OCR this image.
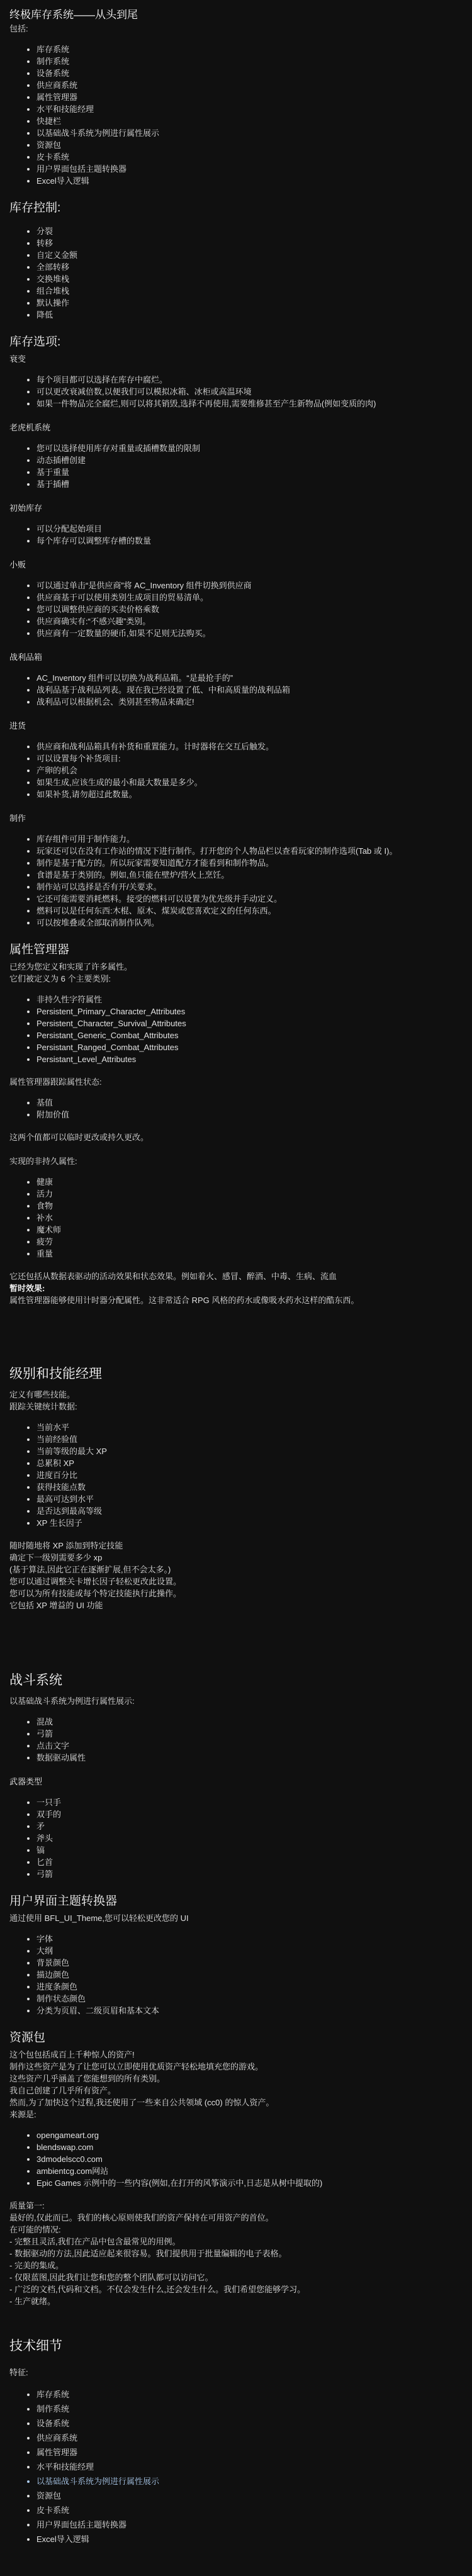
终极库存系统——从头到尾
包括:
• 库存系统
• 制作系统
• 设备系统
• 供应商系统
• 属性管理器
• 水平和技能经理
• 快捷栏
• 以基础战斗系统为例进行属性展示
• 资源包
• 皮卡系统
• 用户界面包括主题转换器
• Excel导入逻辑
库存控制:
• 分裂
• 转移
• 自定义金额
• 全部转移
• 交换堆栈
• 组合堆栈
• 默认操作
• 降低
库存选项:
衰变
• 每个项目都可以选择在库存中腐烂。
• 可以更改衰减倍数,以便我们可以模拟冰箱、冰柜或高温环境
• 如果一件物品完全腐烂,则可以将其销毁,选择不再使用,需要维修甚至产生新物品(例如变质的肉)
老虎机系统
• 您可以选择使用库存对重量或插槽数量的限制
• 动态插槽创建
• 基于重量
• 基于插槽
初始库存
• 可以分配起始项目
• 每个库存可以调整库存槽的数量
小贩
• 可以通过单击“是供应商”将 AC_Inventory 组件切换到供应商
• 供应商基于可以使用类别生成项目的贸易清单。
• 您可以调整供应商的买卖价格乘数
• 供应商确实有:“不感兴趣”类别。
• 供应商有一定数量的硬币,如果不足则无法购买。
战利品箱
• AC_Inventory 组件可以切换为战利品箱。“是最抢手的”
• 战利品基于战利品列表。现在我已经设置了低、中和高质量的战利品箱
• 战利品可以根据机会、类别甚至物品来确定!
进货
• 供应商和战利品箱具有补货和重置能力。计时器将在交互后触发。
• 可以设置每个补货项目:
• 产卵的机会
• 如果生成,应该生成的最小和最大数量是多少。
• 如果补货,请勿超过此数量。
制作
• 库存组件可用于制作能力。
• 玩家还可以在没有工作站的情况下进行制作。打开您的个人物品栏以查看玩家的制作选项(Tab 或 I)。
• 制作是基于配方的。所以玩家需要知道配方才能看到和制作物品。
• 食谱是基于类别的。例如,鱼只能在壁炉/营火上烹饪。
• 制作站可以选择是否有开/关要求。
• 它还可能需要消耗燃料。接受的燃料可以设置为优先级并手动定义。
• 燃料可以是任何东西:木棍、原木、煤炭或您喜欢定义的任何东西。
• 可以按堆叠或全部取消制作队列。
属性管理器
已经为您定义和实现了许多属性。
它们被定义为 6 个主要类别:
• 非持久性字符属性
• Persistent_Primary_Character_Attributes
• Persistent_Character_Survival_Attributes
• Persistant_Generic_Combat_Attributes
• Persistant_Ranged_Combat_Attributes
• Persistant_Level_Attributes
属性管理器跟踪属性状态:
• 基值
• 附加价值
这两个值都可以临时更改或持久更改。
实现的非持久属性:
• 健康
• 活力
• 食物
• 补水
• 魔术师
• 疲劳
• 重量
它还包括从数据表驱动的活动效果和状态效果。例如着火、感冒、醉酒、中毒、生病、流血
暂时效果:
属性管理器能够使用计时器分配属性。这非常适合 RPG 风格的药水或像吸水药水这样的酷东西。
级别和技能经理
定义有哪些技能。
跟踪关键统计数据:
• 当前水平
• 当前经验值
• 当前等级的最大 XP
• 总累积 XP
• 进度百分比
• 获得技能点数
• 最高可达到水平
• 是否达到最高等级
• XP 生长因子
随时随地将 XP 添加到特定技能
确定下一级别需要多少 xp
(基于算法,因此它正在逐渐扩展,但不会太多。)
您可以通过调整关卡增长因子轻松更改此设置。
您可以为所有技能或每个特定技能执行此操作。
它包括 XP 增益的 UI 功能
战斗系统
以基础战斗系统为例进行属性展示:
• 混战
• 弓箭
• 点击文字
• 数据驱动属性
武器类型
• 一只手
• 双手的
• 矛
• 斧头
• 镐
• 匕首
• 弓箭
用户界面主题转换器
通过使用 BFL_UI_Theme,您可以轻松更改您的 UI
• 字体
• 大纲
• 背景颜色
• 描边颜色
• 进度条颜色
• 制作状态颜色
• 分类为页眉、二级页眉和基本文本
资源包
这个包包括成百上千种惊人的资产!
制作这些资产是为了让您可以立即使用优质资产轻松地填充您的游戏。
这些资产几乎涵盖了您能想到的所有类别。
我自己创建了几乎所有资产。
然而,为了加快这个过程,我还使用了一些来自公共领域 (cc0) 的惊人资产。
来源是:
• opengameart.org
• blendswap.com
• 3dmodelscc0.com
• ambientcg.com网站
• Epic Games 示例中的一些内容(例如,在打开的风筝演示中,日志是从树中提取的)
质量第一:
最好的,仅此而已。我们的核心原则使我们的资产保持在可用资产的首位。
在可能的情况:
- 完整且灵活,我们在产品中包含最常见的用例。
- 数据驱动的方法,因此适应起来很容易。我们提供用于批量编辑的电子表格。
- 完美的集成。
- 仅限蓝图,因此我们让您和您的整个团队都可以访问它。
- 广泛的文档,代码和文档。不仅会发生什么,还会发生什么。我们希望您能够学习。
- 生产就绪。
技术细节
特征:
• 库存系统
• 制作系统
• 设备系统
• 供应商系统
• 属性管理器
• 水平和技能经理
• 以基础战斗系统为例进行属性展示
• 资源包
• 皮卡系统
• 用户界面包括主题转换器
• Excel导入逻辑
